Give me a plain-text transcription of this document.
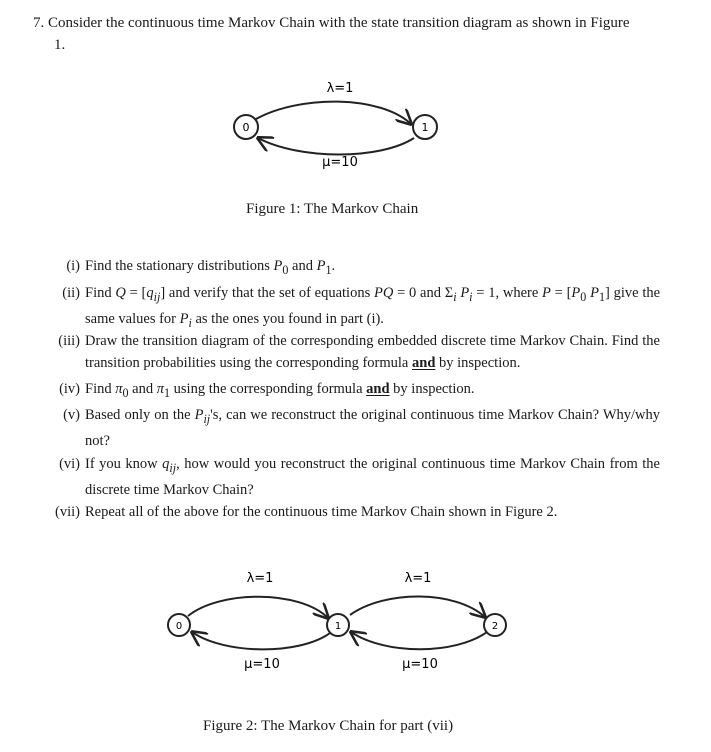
7. Consider the continuous time Markov Chain with the state transition diagram as shown in Figure
1.
0	1
λ=1
μ=10
Figure 1: The Markov Chain
(i) Find the stationary distributions $P_0$ and $P_1$.
(ii) Find $Q = [q_{ij}]$ and verify that the set of equations PQ = 0 and $\Sigma_i$ $P_i = 1$, where $P = [P_0$ $P_1$] give the same values for $P_i$ as the ones you found in part (i).
(iii) Draw the transition diagram of the corresponding embedded discrete time Markov Chain. Find the transition probabilities using the corresponding formula and by inspection.
(iv) Find $\pi_0$ and $\pi_1$ using the corresponding formula and by inspection.
(v) Based only on the $P_{ij}'s$, can we reconstruct the original continuous time Markov Chain? Why/why not?
(vi) If you know $q_{ij}$, how would you reconstruct the original continuous time Markov Chain from the discrete time Markov Chain?
(vii) Repeat all of the above for the continuous time Markov Chain shown in Figure 2.
0	1	2
λ=1	λ=1
μ=10	μ=10
Figure 2: The Markov Chain for part (vii)
